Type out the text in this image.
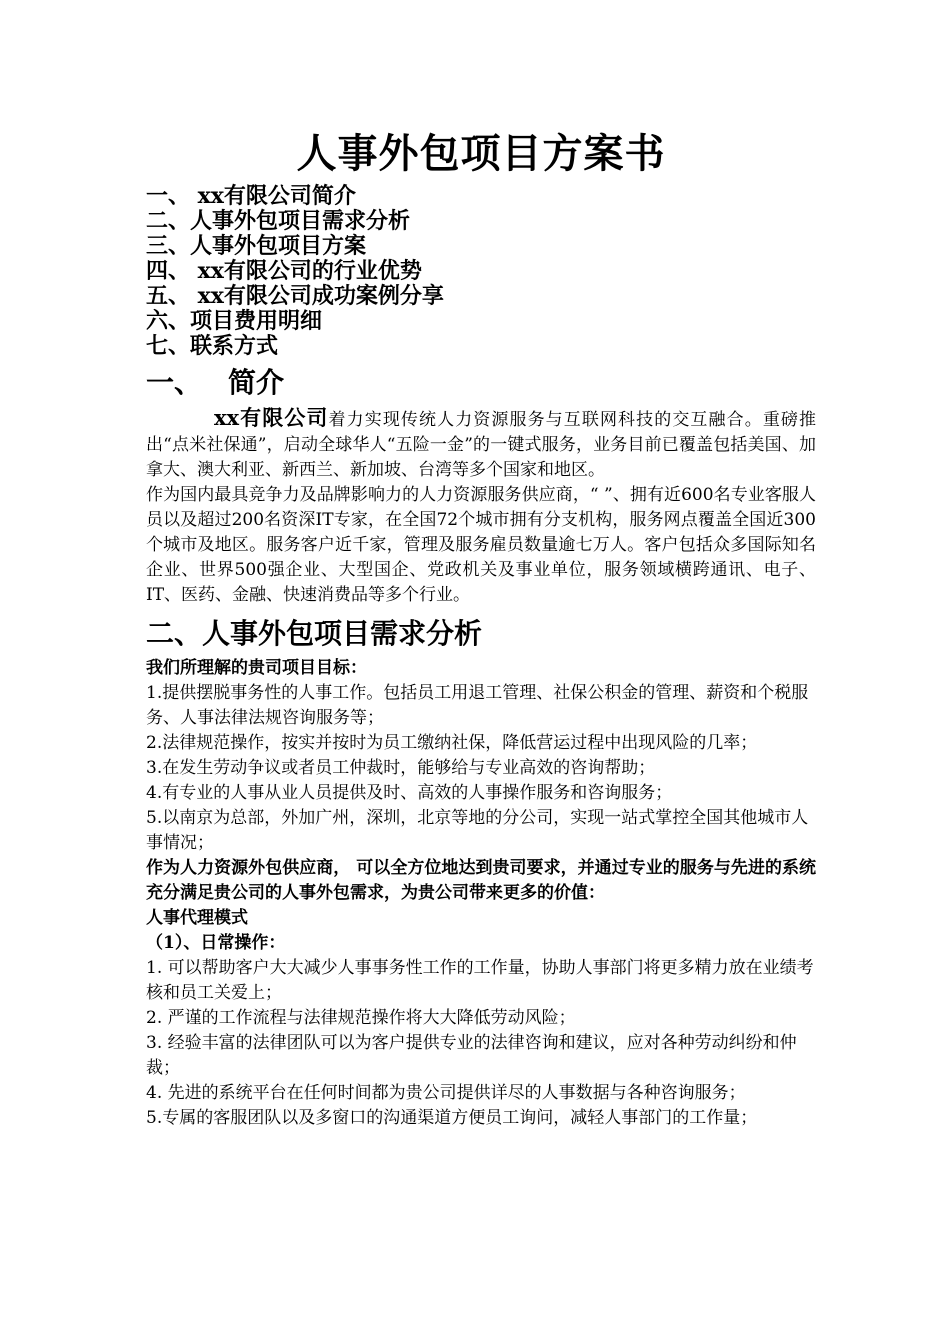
人事外包项目方案书
一、 xx有限公司简介
二、人事外包项目需求分析
三、人事外包项目方案
四、 xx有限公司的行业优势
五、 xx有限公司成功案例分享
六、项目费用明细
七、联系方式
一、 简介

xx有限公司着力实现传统人力资源服务与互联网科技的交互融合。重磅推出“点米社保通”，启动全球华人“五险一金”的一键式服务，业务目前已覆盖包括美国、加拿大、澳大利亚、新西兰、新加坡、台湾等多个国家和地区。

作为国内最具竞争力及品牌影响力的人力资源服务供应商，“ ”、拥有近600名专业客服人员以及超过200名资深IT专家，在全国72个城市拥有分支机构，服务网点覆盖全国近300个城市及地区。服务客户近千家，管理及服务雇员数量逾七万人。客户包括众多国际知名企业、世界500强企业、大型国企、党政机关及事业单位，服务领域横跨通讯、电子、IT、医药、金融、快速消费品等多个行业。

二、人事外包项目需求分析

我们所理解的贵司项目目标：

1.提供摆脱事务性的人事工作。包括员工用退工管理、社保公积金的管理、薪资和个税服务、人事法律法规咨询服务等；

2.法律规范操作，按实并按时为员工缴纳社保，降低营运过程中出现风险的几率；

3.在发生劳动争议或者员工仲裁时，能够给与专业高效的咨询帮助；

4.有专业的人事从业人员提供及时、高效的人事操作服务和咨询服务；

5.以南京为总部，外加广州，深圳，北京等地的分公司，实现一站式掌控全国其他城市人事情况；

作为人力资源外包供应商， 可以全方位地达到贵司要求，并通过专业的服务与先进的系统充分满足贵公司的人事外包需求，为贵公司带来更多的价值：

人事代理模式

（1）、日常操作：

1. 可以帮助客户大大减少人事事务性工作的工作量，协助人事部门将更多精力放在业绩考核和员工关爱上；

2. 严谨的工作流程与法律规范操作将大大降低劳动风险；

3. 经验丰富的法律团队可以为客户提供专业的法律咨询和建议，应对各种劳动纠纷和仲裁；

4. 先进的系统平台在任何时间都为贵公司提供详尽的人事数据与各种咨询服务；

5.专属的客服团队以及多窗口的沟通渠道方便员工询问，减轻人事部门的工作量；
